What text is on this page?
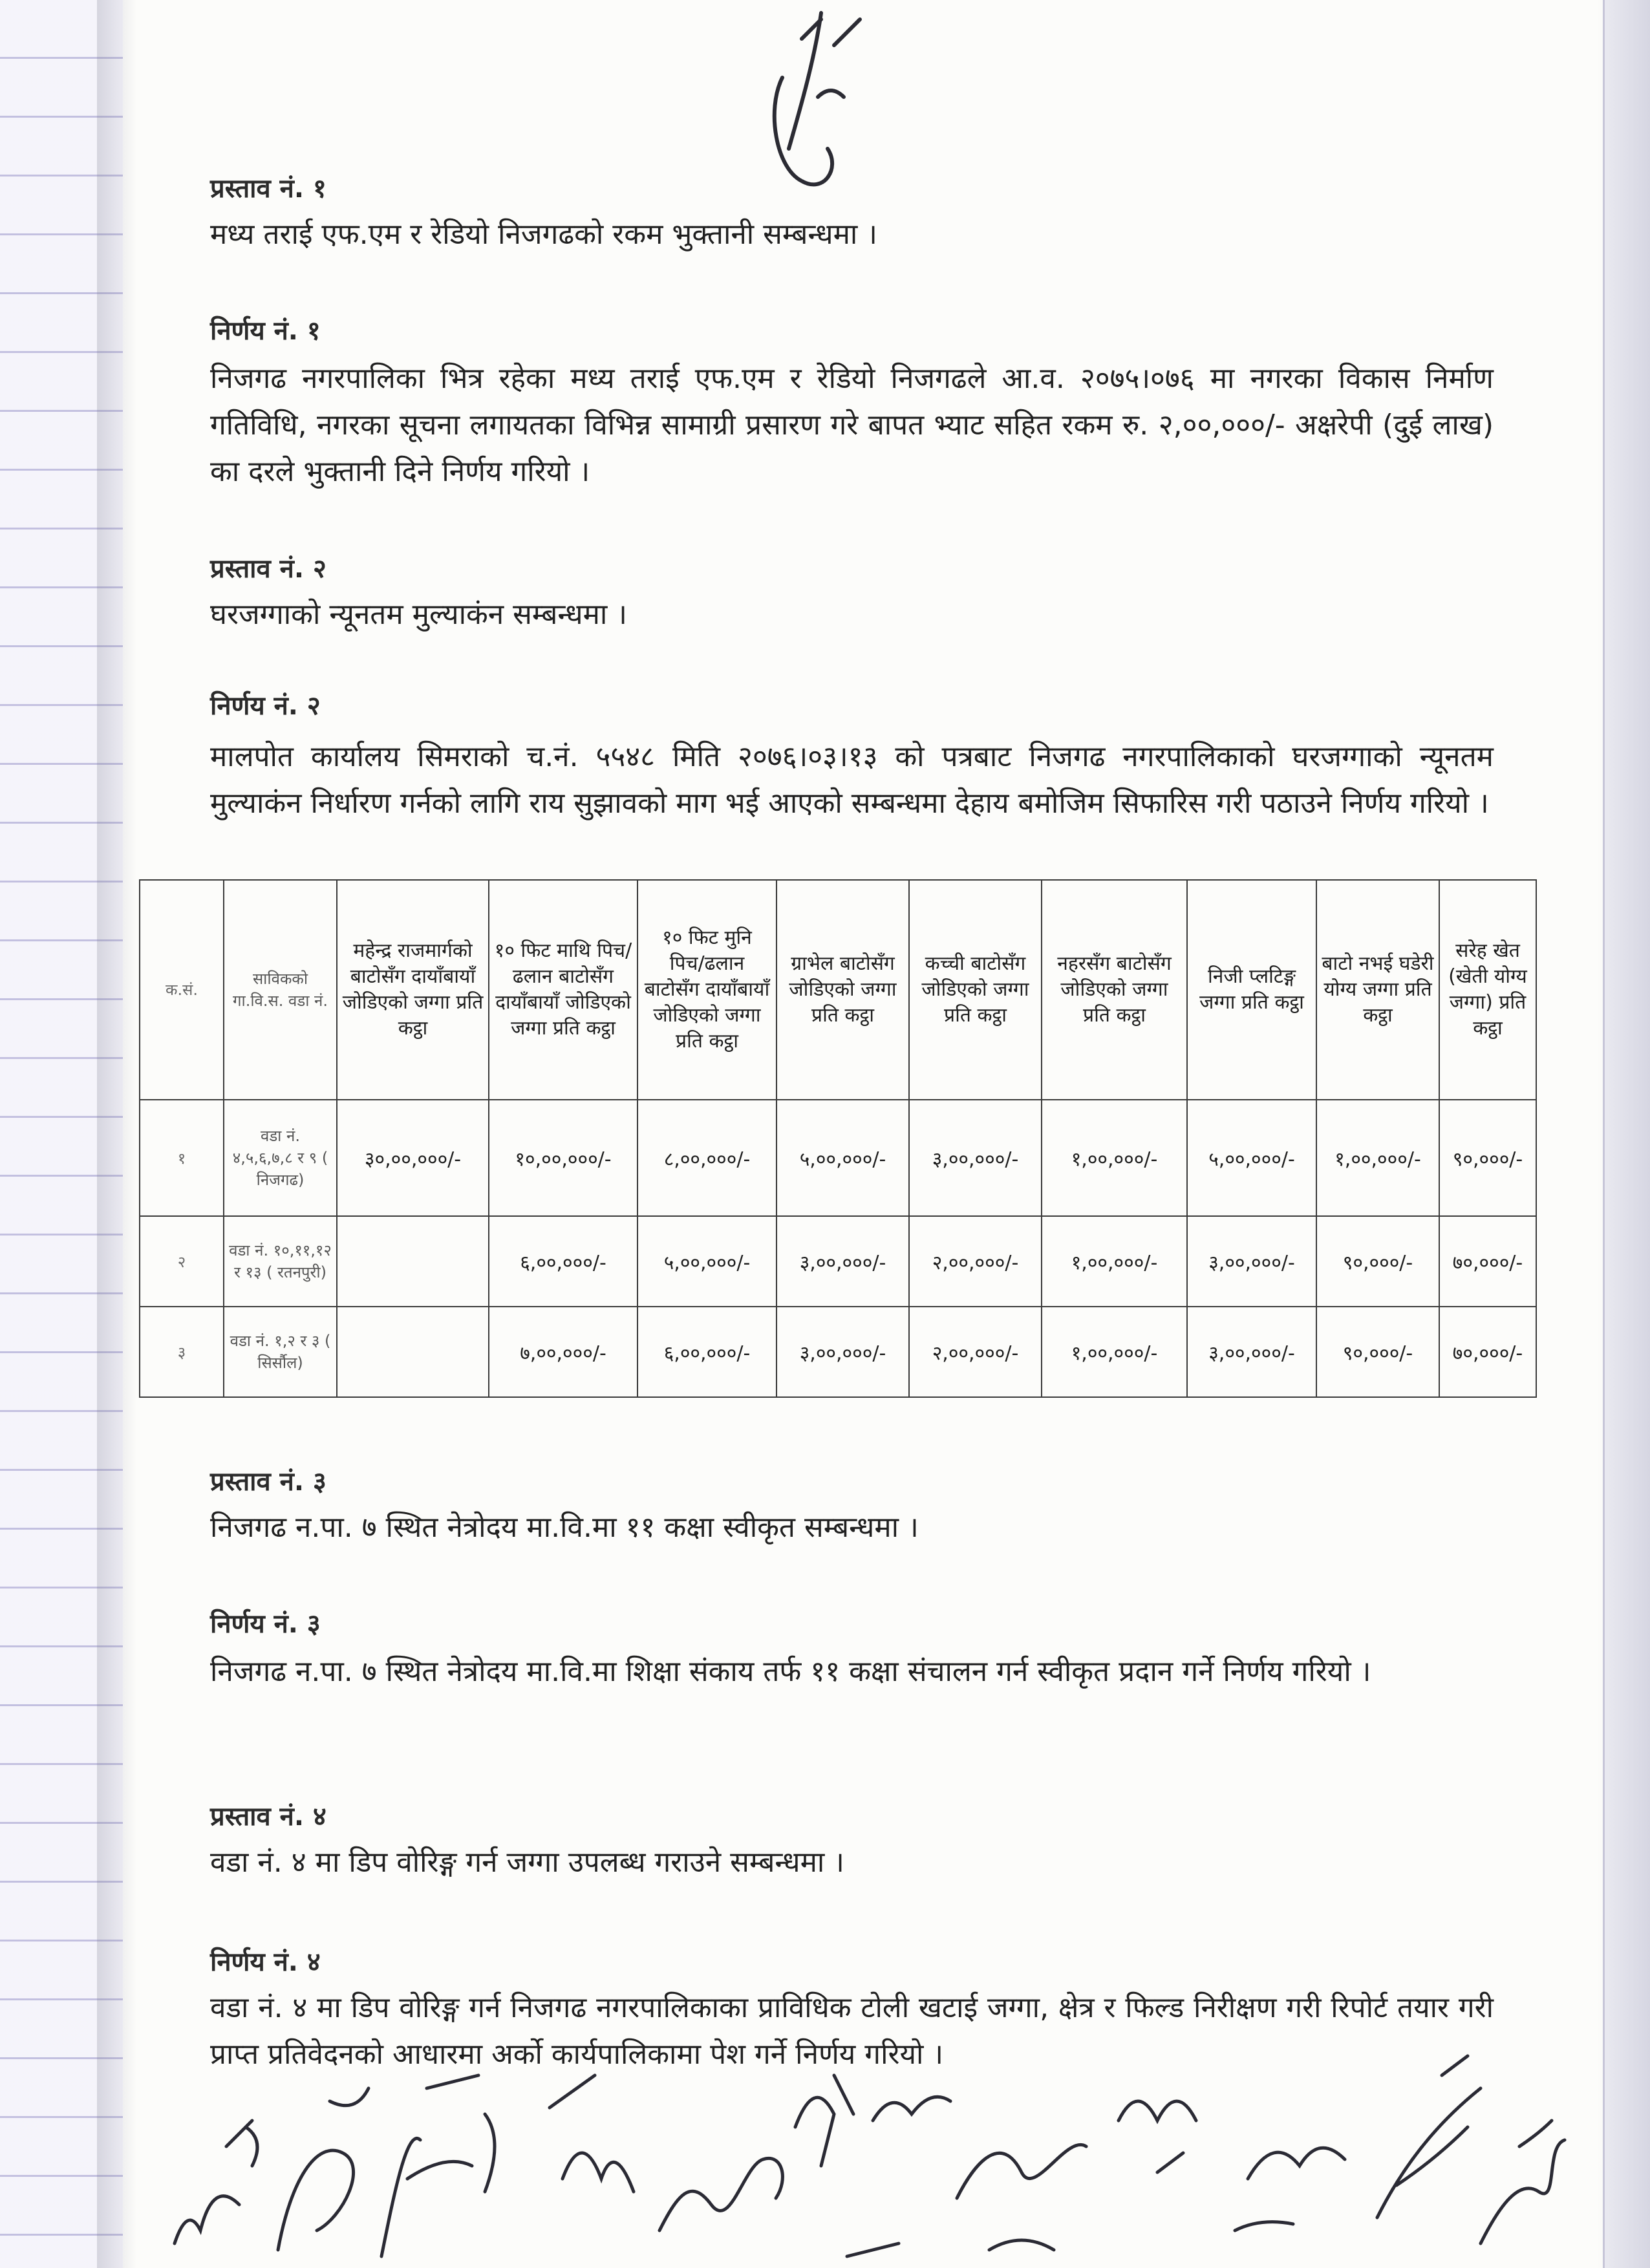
प्रस्ताव नं. १
मध्य तराई एफ.एम र रेडियो निजगढको रकम भुक्तानी सम्बन्धमा ।
निर्णय नं. १
निजगढ नगरपालिका भित्र रहेका मध्य तराई एफ.एम र रेडियो निजगढले आ.व. २०७५।०७६ मा नगरका विकास निर्माण गतिविधि, नगरका सूचना लगायतका विभिन्न सामाग्री प्रसारण गरे बापत भ्याट सहित रकम रु. २,००,०००/- अक्षरेपी (दुई लाख) का दरले भुक्तानी दिने निर्णय गरियो ।
प्रस्ताव नं. २
घरजग्गाको न्यूनतम मुल्याकंन सम्बन्धमा ।
निर्णय नं. २
मालपोत कार्यालय सिमराको च.नं. ५५४८ मिति २०७६।०३।१३ को पत्रबाट निजगढ नगरपालिकाको घरजग्गाको न्यूनतम मुल्याकंन निर्धारण गर्नको लागि राय सुझावको माग भई आएको सम्बन्धमा देहाय बमोजिम सिफारिस गरी पठाउने निर्णय गरियो ।
क.सं.	साविकको गा.वि.स. वडा नं.	महेन्द्र राजमार्गको बाटोसँग दायाँबायाँ जोडिएको जग्गा प्रति कट्ठा	१० फिट माथि पिच/ढलान बाटोसँग दायाँबायाँ जोडिएको जग्गा प्रति कट्ठा	१० फिट मुनि पिच/ढलान बाटोसँग दायाँबायाँ जोडिएको जग्गा प्रति कट्ठा	ग्राभेल बाटोसँग जोडिएको जग्गा प्रति कट्ठा	कच्ची बाटोसँग जोडिएको जग्गा प्रति कट्ठा	नहरसँग बाटोसँग जोडिएको जग्गा प्रति कट्ठा	निजी प्लटिङ्ग जग्गा प्रति कट्ठा	बाटो नभई घडेरी योग्य जग्गा प्रति कट्ठा	सरेह खेत (खेती योग्य जग्गा) प्रति कट्ठा
१	वडा नं. ४,५,६,७,८ र ९ ( निजगढ)	३०,००,०००/-	१०,००,०००/-	८,००,०००/-	५,००,०००/-	३,००,०००/-	१,००,०००/-	५,००,०००/-	१,००,०००/-	९०,०००/-
२	वडा नं. १०,११,१२ र १३ ( रतनपुरी)		६,००,०००/-	५,००,०००/-	३,००,०००/-	२,००,०००/-	१,००,०००/-	३,००,०००/-	९०,०००/-	७०,०००/-
३	वडा नं. १,२ र ३ ( सिर्सौल)		७,००,०००/-	६,००,०००/-	३,००,०००/-	२,००,०००/-	१,००,०००/-	३,००,०००/-	९०,०००/-	७०,०००/-
प्रस्ताव नं. ३
निजगढ न.पा. ७ स्थित नेत्रोदय मा.वि.मा ११ कक्षा स्वीकृत सम्बन्धमा ।
निर्णय नं. ३
निजगढ न.पा. ७ स्थित नेत्रोदय मा.वि.मा शिक्षा संकाय तर्फ ११ कक्षा संचालन गर्न स्वीकृत प्रदान गर्ने निर्णय गरियो ।
प्रस्ताव नं. ४
वडा नं. ४ मा डिप वोरिङ्ग गर्न जग्गा उपलब्ध गराउने सम्बन्धमा ।
निर्णय नं. ४
वडा नं. ४ मा डिप वोरिङ्ग गर्न निजगढ नगरपालिकाका प्राविधिक टोली खटाई जग्गा, क्षेत्र र फिल्ड निरीक्षण गरी रिपोर्ट तयार गरी प्राप्त प्रतिवेदनको आधारमा अर्को कार्यपालिकामा पेश गर्ने निर्णय गरियो ।
